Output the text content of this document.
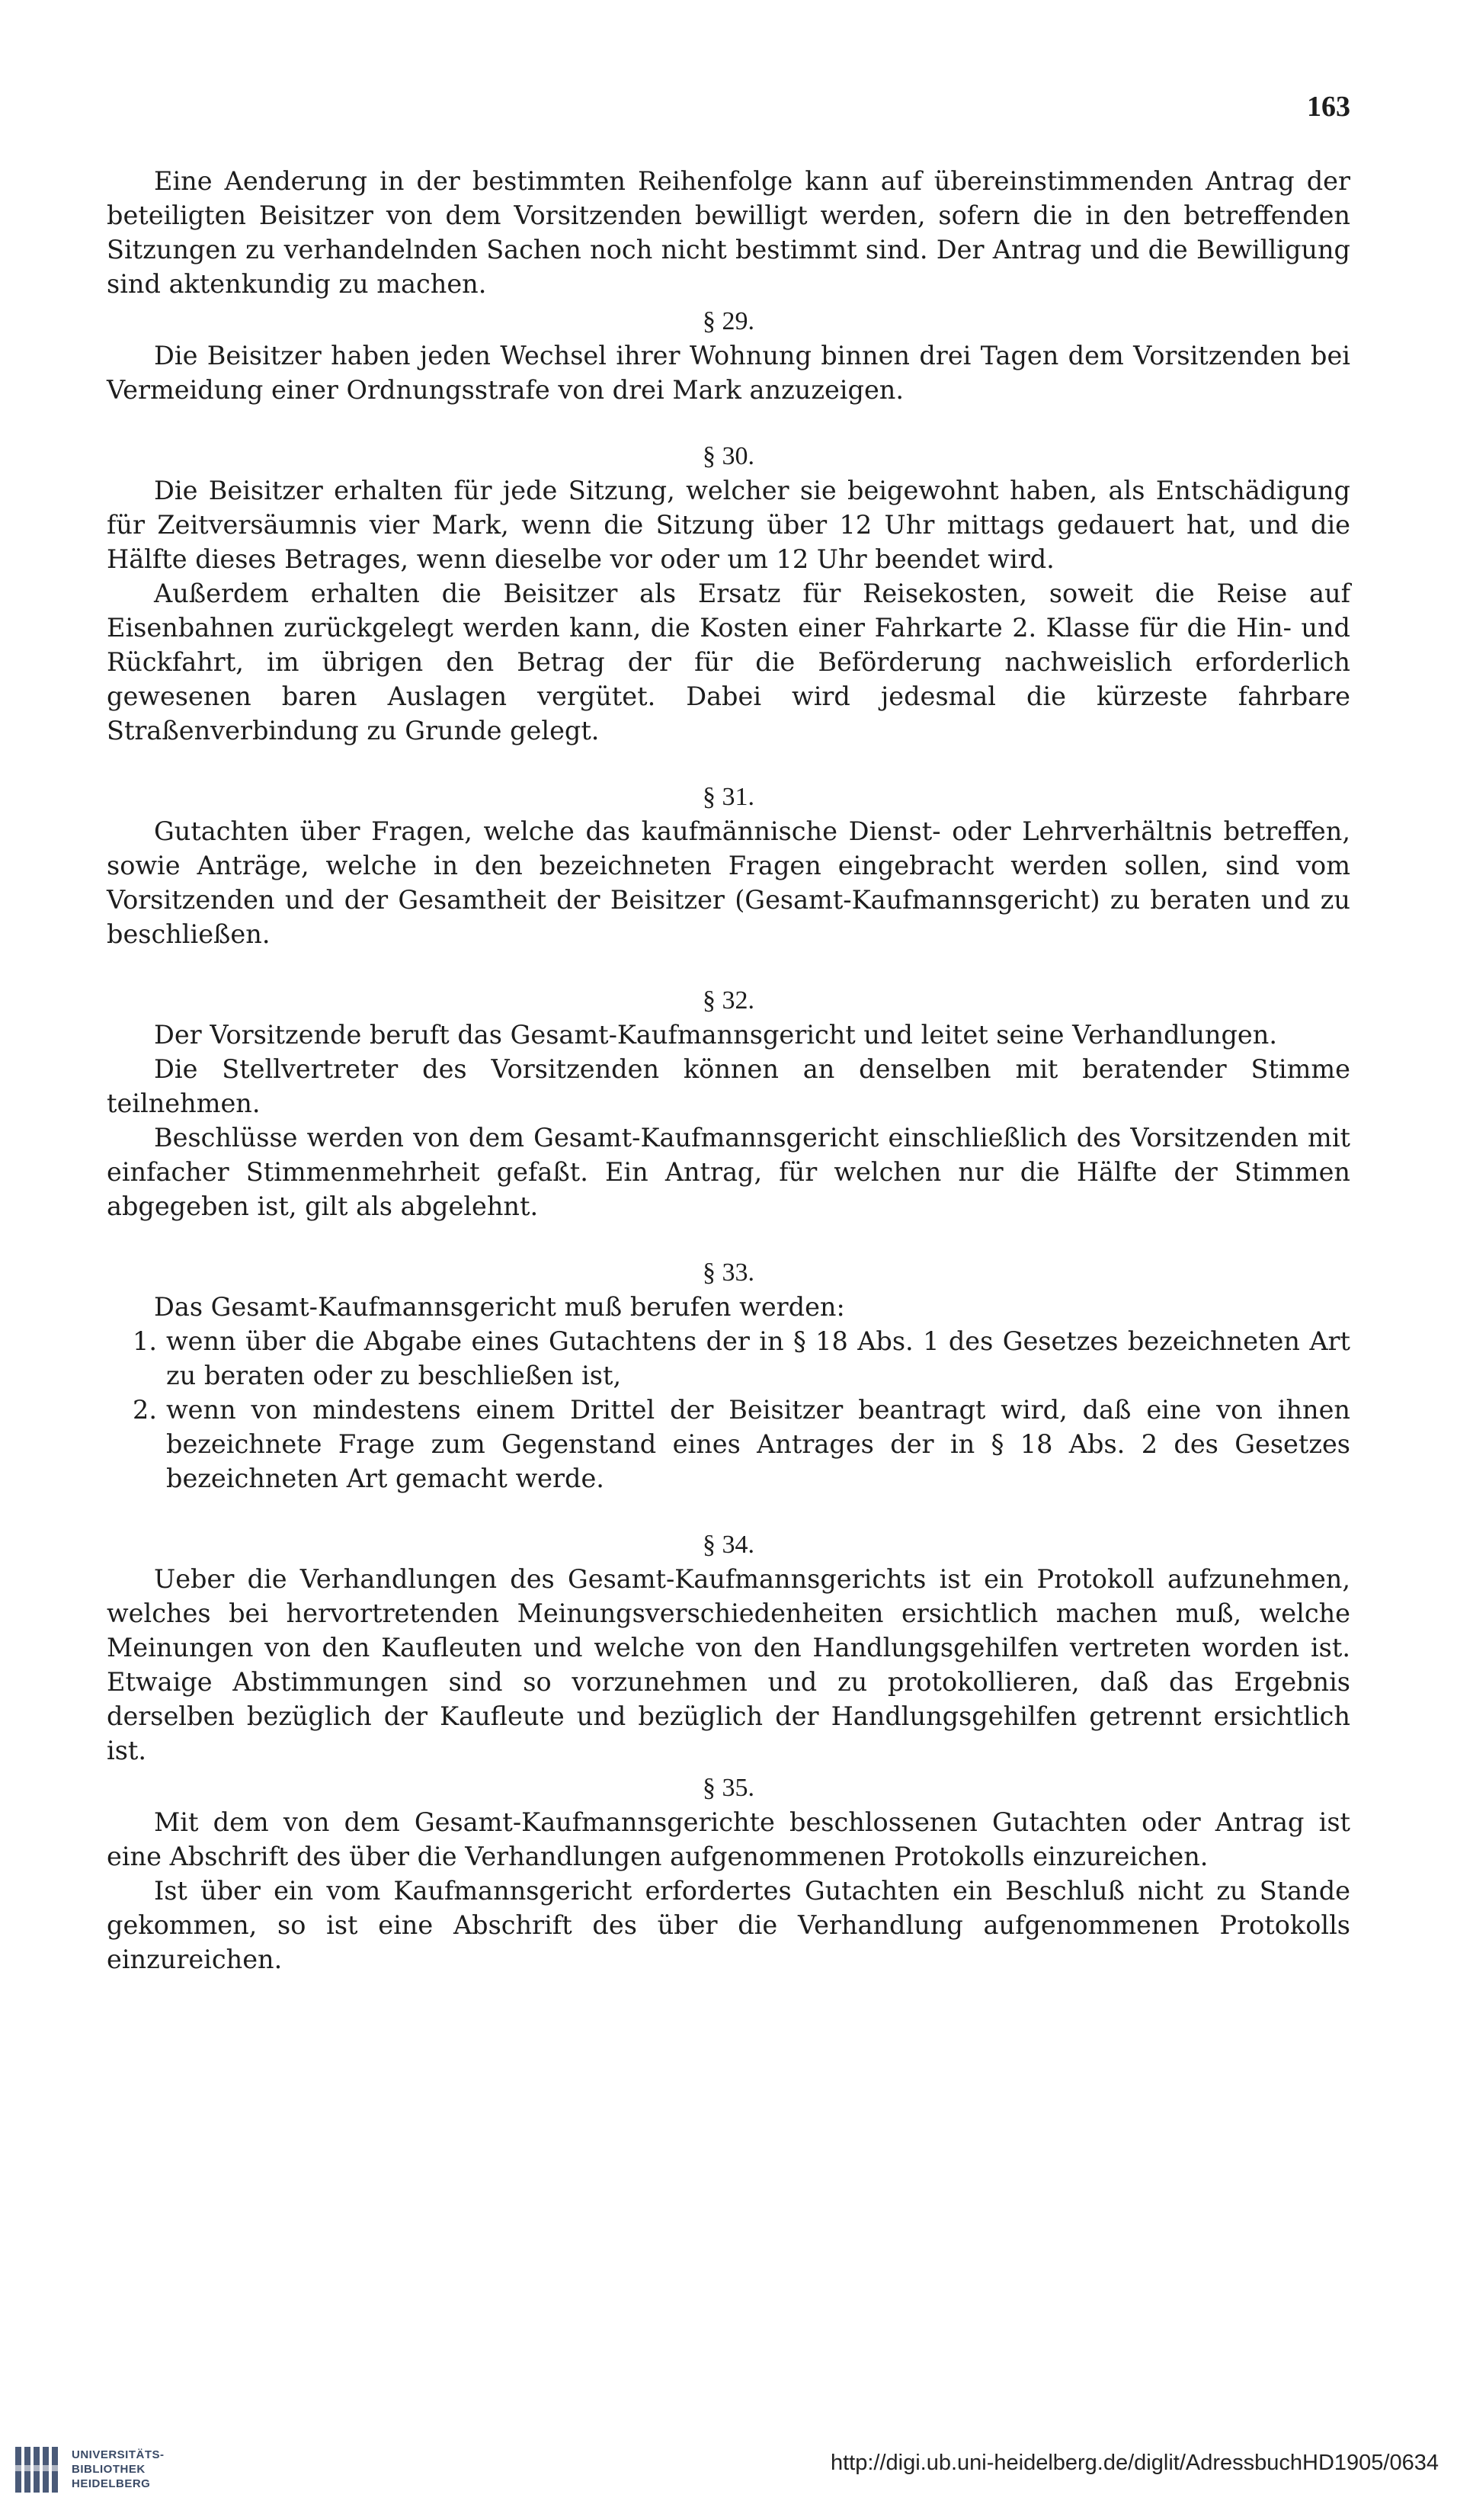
163

Eine Aenderung in der bestimmten Reihenfolge kann auf übereinstimmenden Antrag der beteiligten Beisitzer von dem Vorsitzenden bewilligt werden, sofern die in den betreffenden Sitzungen zu verhandelnden Sachen noch nicht bestimmt sind. Der Antrag und die Bewilligung sind aktenkundig zu machen.

§ 29.

Die Beisitzer haben jeden Wechsel ihrer Wohnung binnen drei Tagen dem Vorsitzenden bei Vermeidung einer Ordnungsstrafe von drei Mark anzuzeigen.

§ 30.

Die Beisitzer erhalten für jede Sitzung, welcher sie beigewohnt haben, als Entschädigung für Zeitversäumnis vier Mark, wenn die Sitzung über 12 Uhr mittags gedauert hat, und die Hälfte dieses Betrages, wenn dieselbe vor oder um 12 Uhr beendet wird.

Außerdem erhalten die Beisitzer als Ersatz für Reisekosten, soweit die Reise auf Eisenbahnen zurückgelegt werden kann, die Kosten einer Fahrkarte 2. Klasse für die Hin- und Rückfahrt, im übrigen den Betrag der für die Beförderung nachweislich erforderlich gewesenen baren Auslagen vergütet. Dabei wird jedesmal die kürzeste fahrbare Straßenverbindung zu Grunde gelegt.

§ 31.

Gutachten über Fragen, welche das kaufmännische Dienst- oder Lehrverhältnis betreffen, sowie Anträge, welche in den bezeichneten Fragen eingebracht werden sollen, sind vom Vorsitzenden und der Gesamtheit der Beisitzer (Gesamt-Kaufmannsgericht) zu beraten und zu beschließen.

§ 32.

Der Vorsitzende beruft das Gesamt-Kaufmannsgericht und leitet seine Verhandlungen.

Die Stellvertreter des Vorsitzenden können an denselben mit beratender Stimme teilnehmen.

Beschlüsse werden von dem Gesamt-Kaufmannsgericht einschließlich des Vorsitzenden mit einfacher Stimmenmehrheit gefaßt. Ein Antrag, für welchen nur die Hälfte der Stimmen abgegeben ist, gilt als abgelehnt.

§ 33.
Das Gesamt-Kaufmannsgericht muß berufen werden:
1. wenn über die Abgabe eines Gutachtens der in § 18 Abs. 1 des Gesetzes bezeichneten Art zu beraten oder zu beschließen ist,
2. wenn von mindestens einem Drittel der Beisitzer beantragt wird, daß eine von ihnen bezeichnete Frage zum Gegenstand eines Antrages der in § 18 Abs. 2 des Gesetzes bezeichneten Art gemacht werde.
§ 34.

Ueber die Verhandlungen des Gesamt-Kaufmannsgerichts ist ein Protokoll aufzunehmen, welches bei hervortretenden Meinungsverschiedenheiten ersichtlich machen muß, welche Meinungen von den Kaufleuten und welche von den Handlungsgehilfen vertreten worden ist. Etwaige Abstimmungen sind so vorzunehmen und zu protokollieren, daß das Ergebnis derselben bezüglich der Kaufleute und bezüglich der Handlungsgehilfen getrennt ersichtlich ist.

§ 35.

Mit dem von dem Gesamt-Kaufmannsgerichte beschlossenen Gutachten oder Antrag ist eine Abschrift des über die Verhandlungen aufgenommenen Protokolls einzureichen.

Ist über ein vom Kaufmannsgericht erfordertes Gutachten ein Beschluß nicht zu Stande gekommen, so ist eine Abschrift des über die Verhandlung aufgenommenen Protokolls einzureichen.

UNIVERSITÄTS-
BIBLIOTHEK
HEIDELBERG
http://digi.ub.uni-heidelberg.de/diglit/AdressbuchHD1905/0634
